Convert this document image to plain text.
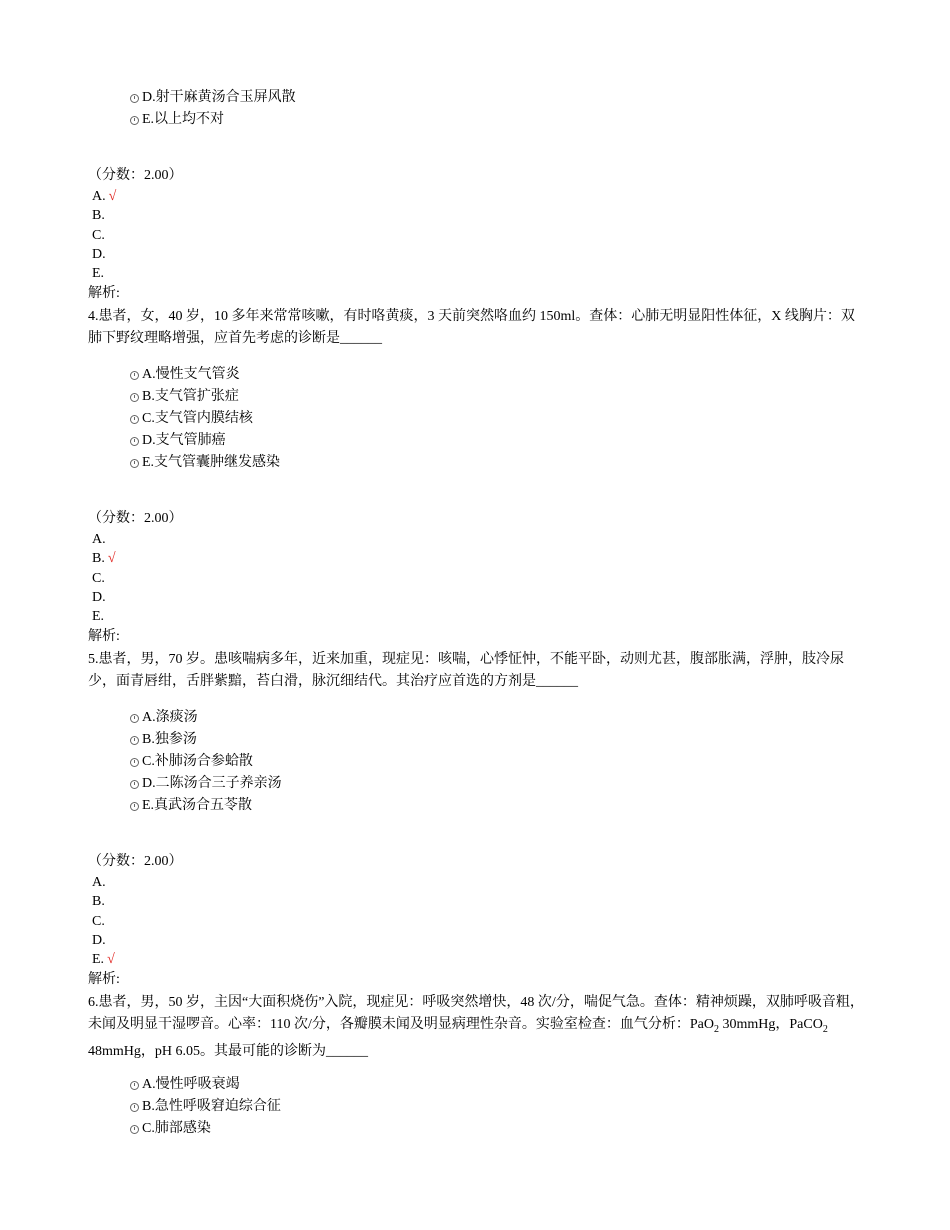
D.射干麻黄汤合玉屏风散
E.以上均不对
（分数：2.00）
A. √
B.
C.
D.
E.
解析:
4.患者，女，40 岁，10 多年来常常咳嗽，有时咯黄痰，3 天前突然咯血约 150ml。查体：心肺无明显阳性体征，X 线胸片：双肺下野纹理略增强，应首先考虑的诊断是______
A.慢性支气管炎
B.支气管扩张症
C.支气管内膜结核
D.支气管肺癌
E.支气管囊肿继发感染
（分数：2.00）
A.
B. √
C.
D.
E.
解析:
5.患者，男，70 岁。患咳喘病多年，近来加重，现症见：咳喘，心悸怔忡，不能平卧，动则尤甚，腹部胀满，浮肿，肢冷尿少，面青唇绀，舌胖紫黯，苔白滑，脉沉细结代。其治疗应首选的方剂是______
A.涤痰汤
B.独参汤
C.补肺汤合参蛤散
D.二陈汤合三子养亲汤
E.真武汤合五苓散
（分数：2.00）
A.
B.
C.
D.
E. √
解析:
6.患者，男，50 岁，主因“大面积烧伤”入院，现症见：呼吸突然增快，48 次/分，喘促气急。查体：精神烦躁，双肺呼吸音粗，未闻及明显干湿啰音。心率：110 次/分，各瓣膜未闻及明显病理性杂音。实验室检查：血气分析：PaO$_2$ 30mmHg，PaCO$_2$ 48mmHg，pH 6.05。其最可能的诊断为______
A.慢性呼吸衰竭
B.急性呼吸窘迫综合征
C.肺部感染
